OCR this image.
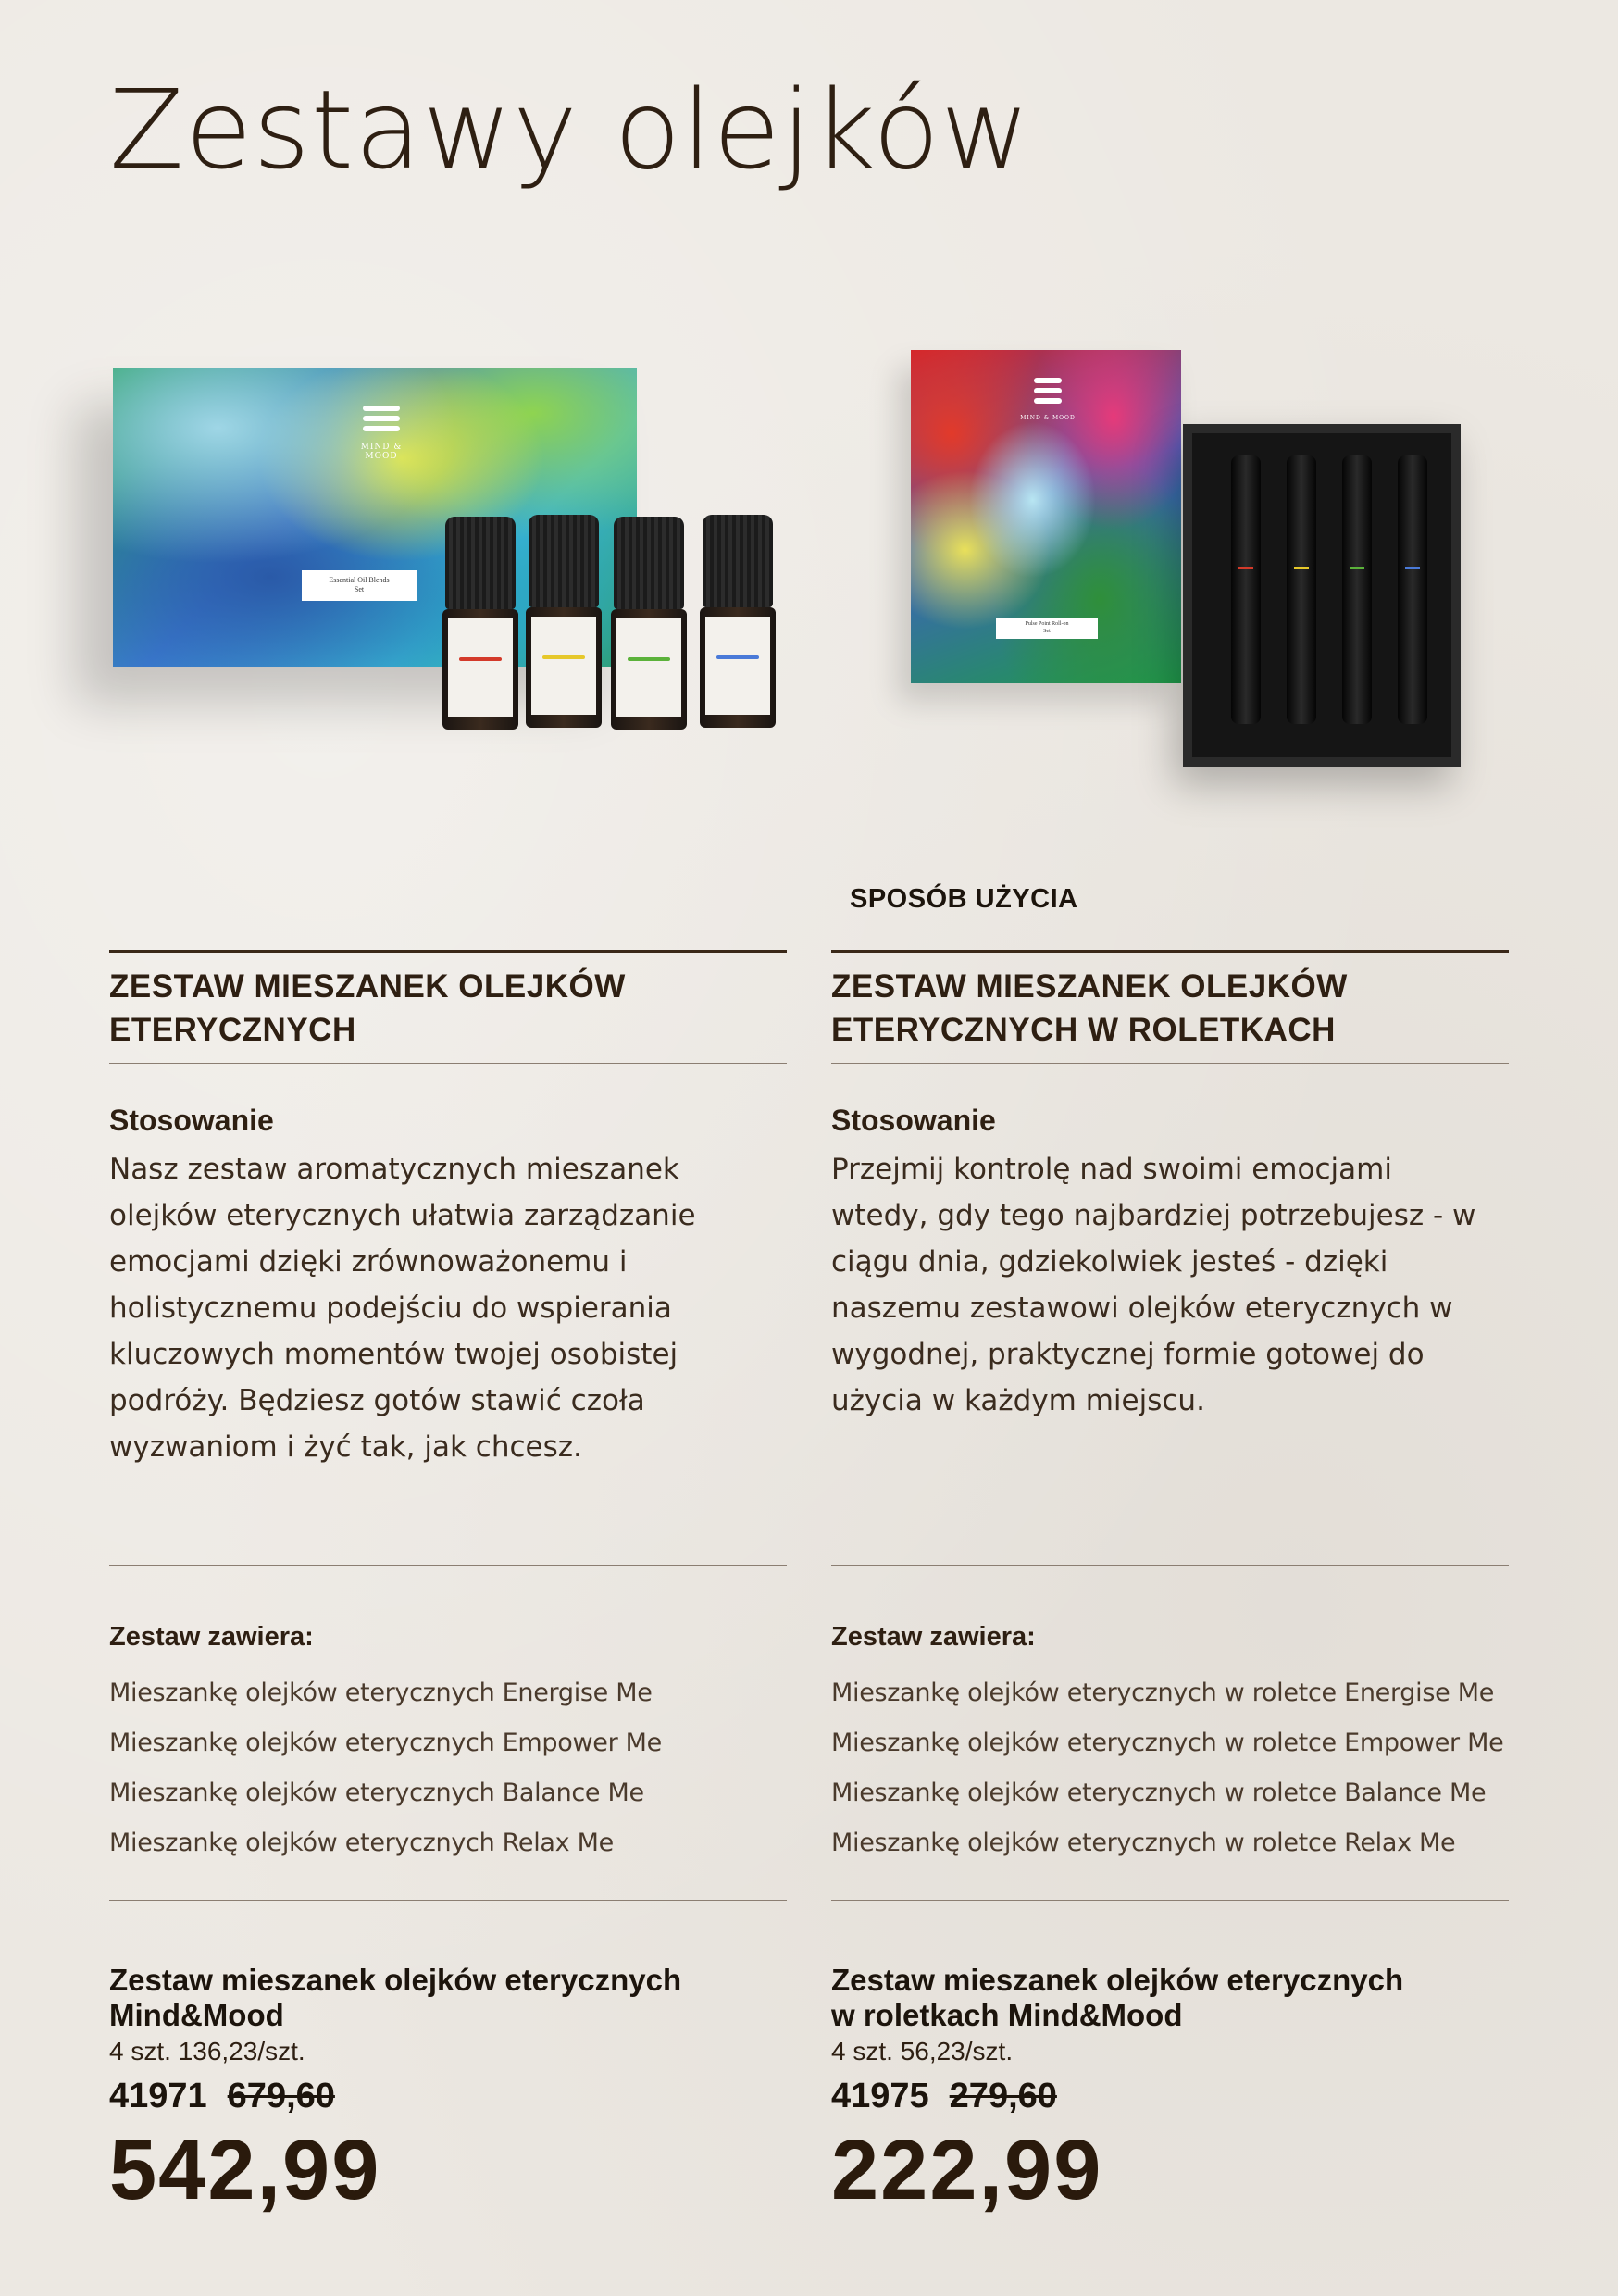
Zestawy olejków
MIND & MOOD
Essential Oil Blends
Set
MIND & MOOD
Pulse Point Roll-on
Set
SPOSÓB UŻYCIA
ZESTAW MIESZANEK OLEJKÓW
ETERYCZNYCH
Stosowanie

Nasz zestaw aromatycznych mieszanek olejków eterycznych ułatwia zarządzanie emocjami dzięki zrównoważonemu i holistycznemu podejściu do wspierania kluczowych momentów twojej osobistej podróży. Będziesz gotów stawić czoła wyzwaniom i żyć tak, jak chcesz.

Zestaw zawiera:
Mieszankę olejków eterycznych Energise Me
Mieszankę olejków eterycznych Empower Me
Mieszankę olejków eterycznych Balance Me
Mieszankę olejków eterycznych Relax Me
Zestaw mieszanek olejków eterycznych
Mind&Mood
4 szt. 136,23/szt.
41971 679,60
542,99
ZESTAW MIESZANEK OLEJKÓW
ETERYCZNYCH W ROLETKACH
Stosowanie

Przejmij kontrolę nad swoimi emocjami wtedy, gdy tego najbardziej potrzebujesz - w ciągu dnia, gdziekolwiek jesteś - dzięki naszemu zestawowi olejków eterycznych w wygodnej, praktycznej formie gotowej do użycia w każdym miejscu.

Zestaw zawiera:
Mieszankę olejków eterycznych w roletce Energise Me
Mieszankę olejków eterycznych w roletce Empower Me
Mieszankę olejków eterycznych w roletce Balance Me
Mieszankę olejków eterycznych w roletce Relax Me
Zestaw mieszanek olejków eterycznych
w roletkach Mind&Mood
4 szt. 56,23/szt.
41975 279,60
222,99
